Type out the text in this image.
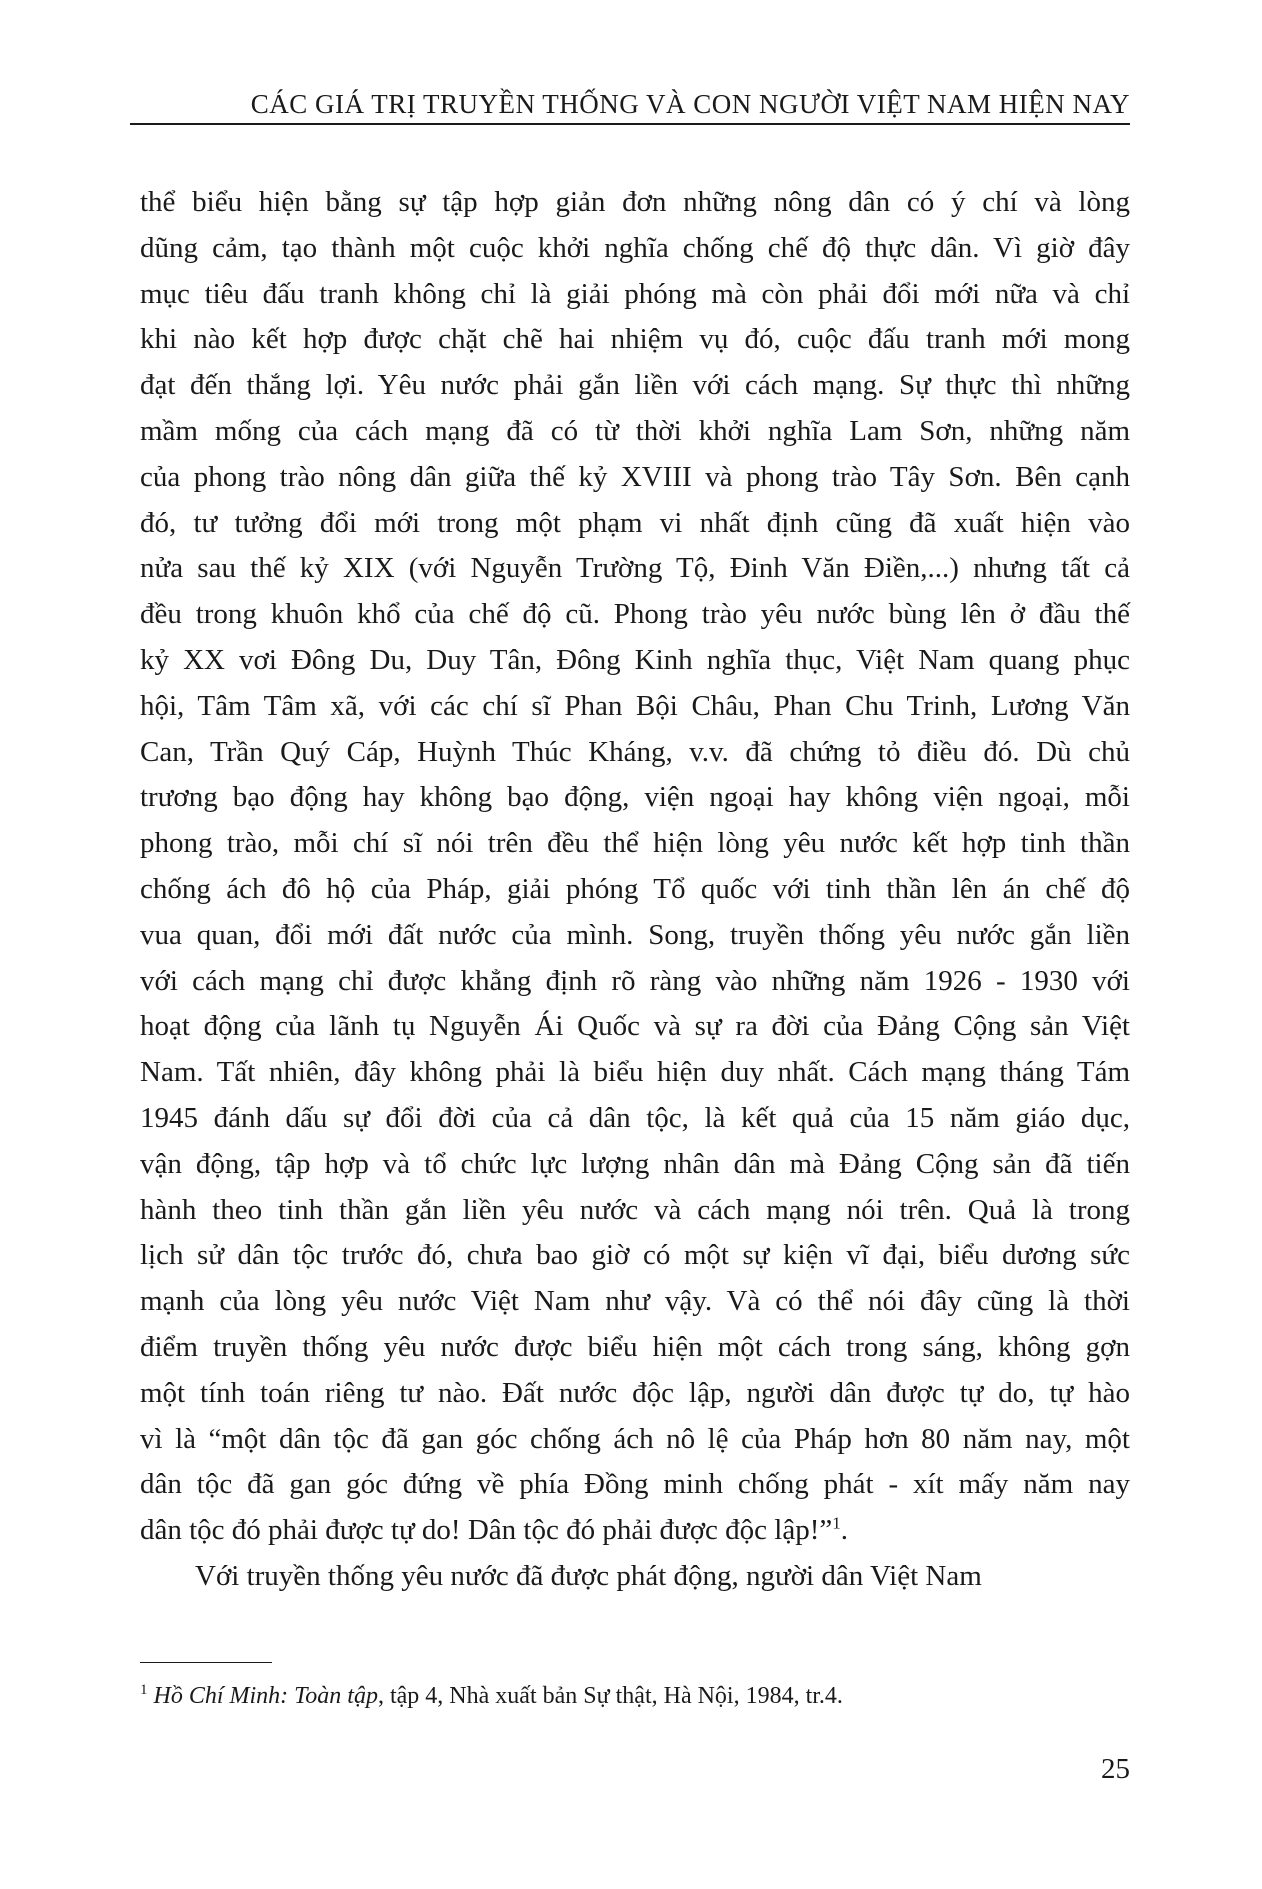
CÁC GIÁ TRỊ TRUYỀN THỐNG VÀ CON NGƯỜI VIỆT NAM HIỆN NAY
thể biểu hiện bằng sự tập hợp giản đơn những nông dân có ý chí và lòng
dũng cảm, tạo thành một cuộc khởi nghĩa chống chế độ thực dân. Vì giờ đây
mục tiêu đấu tranh không chỉ là giải phóng mà còn phải đổi mới nữa và chỉ
khi nào kết hợp được chặt chẽ hai nhiệm vụ đó, cuộc đấu tranh mới mong
đạt đến thắng lợi. Yêu nước phải gắn liền với cách mạng. Sự thực thì những
mầm mống của cách mạng đã có từ thời khởi nghĩa Lam Sơn, những năm
của phong trào nông dân giữa thế kỷ XVIII và phong trào Tây Sơn. Bên cạnh
đó, tư tưởng đổi mới trong một phạm vi nhất định cũng đã xuất hiện vào
nửa sau thế kỷ XIX (với Nguyễn Trường Tộ, Đinh Văn Điền,...) nhưng tất cả
đều trong khuôn khổ của chế độ cũ. Phong trào yêu nước bùng lên ở đầu thế
kỷ XX vơi Đông Du, Duy Tân, Đông Kinh nghĩa thục, Việt Nam quang phục
hội, Tâm Tâm xã, với các chí sĩ Phan Bội Châu, Phan Chu Trinh, Lương Văn
Can, Trần Quý Cáp, Huỳnh Thúc Kháng, v.v. đã chứng tỏ điều đó. Dù chủ
trương bạo động hay không bạo động, viện ngoại hay không viện ngoại, mỗi
phong trào, mỗi chí sĩ nói trên đều thể hiện lòng yêu nước kết hợp tinh thần
chống ách đô hộ của Pháp, giải phóng Tổ quốc với tinh thần lên án chế độ
vua quan, đổi mới đất nước của mình. Song, truyền thống yêu nước gắn liền
với cách mạng chỉ được khẳng định rõ ràng vào những năm 1926 - 1930 với
hoạt động của lãnh tụ Nguyễn Ái Quốc và sự ra đời của Đảng Cộng sản Việt
Nam. Tất nhiên, đây không phải là biểu hiện duy nhất. Cách mạng tháng Tám
1945 đánh dấu sự đổi đời của cả dân tộc, là kết quả của 15 năm giáo dục,
vận động, tập hợp và tổ chức lực lượng nhân dân mà Đảng Cộng sản đã tiến
hành theo tinh thần gắn liền yêu nước và cách mạng nói trên. Quả là trong
lịch sử dân tộc trước đó, chưa bao giờ có một sự kiện vĩ đại, biểu dương sức
mạnh của lòng yêu nước Việt Nam như vậy. Và có thể nói đây cũng là thời
điểm truyền thống yêu nước được biểu hiện một cách trong sáng, không gợn
một tính toán riêng tư nào. Đất nước độc lập, người dân được tự do, tự hào
vì là “một dân tộc đã gan góc chống ách nô lệ của Pháp hơn 80 năm nay, một
dân tộc đã gan góc đứng về phía Đồng minh chống phát - xít mấy năm nay
dân tộc đó phải được tự do! Dân tộc đó phải được độc lập!”$^1$.
Với truyền thống yêu nước đã được phát động, người dân Việt Nam
$^1$ Hồ Chí Minh: Toàn tập, tập 4, Nhà xuất bản Sự thật, Hà Nội, 1984, tr.4.
25
